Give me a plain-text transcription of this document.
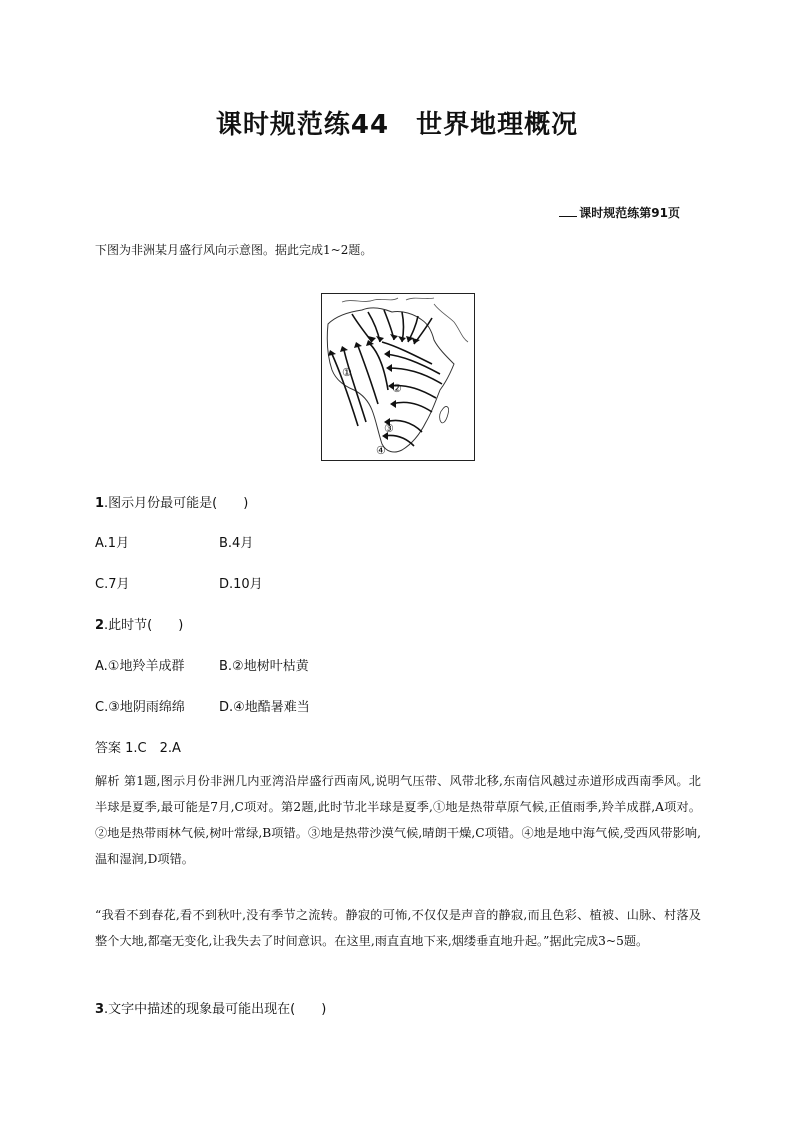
课时规范练44　世界地理概况
课时规范练第91页
下图为非洲某月盛行风向示意图。据此完成1~2题。
①
②
③
④
1.图示月份最可能是(　　)
A.1月	B.4月
C.7月	D.10月
2.此时节(　　)
A.①地羚羊成群	B.②地树叶枯黄
C.③地阴雨绵绵	D.④地酷暑难当
答案 1.C　2.A
解析 第1题,图示月份非洲几内亚湾沿岸盛行西南风,说明气压带、风带北移,东南信风越过赤道形成西南季风。北半球是夏季,最可能是7月,C项对。第2题,此时节北半球是夏季,①地是热带草原气候,正值雨季,羚羊成群,A项对。②地是热带雨林气候,树叶常绿,B项错。③地是热带沙漠气候,晴朗干燥,C项错。④地是地中海气候,受西风带影响,温和湿润,D项错。
“我看不到春花,看不到秋叶,没有季节之流转。静寂的可怖,不仅仅是声音的静寂,而且色彩、植被、山脉、村落及整个大地,都毫无变化,让我失去了时间意识。在这里,雨直直地下来,烟缕垂直地升起。”据此完成3~5题。
3.文字中描述的现象最可能出现在(　　)
